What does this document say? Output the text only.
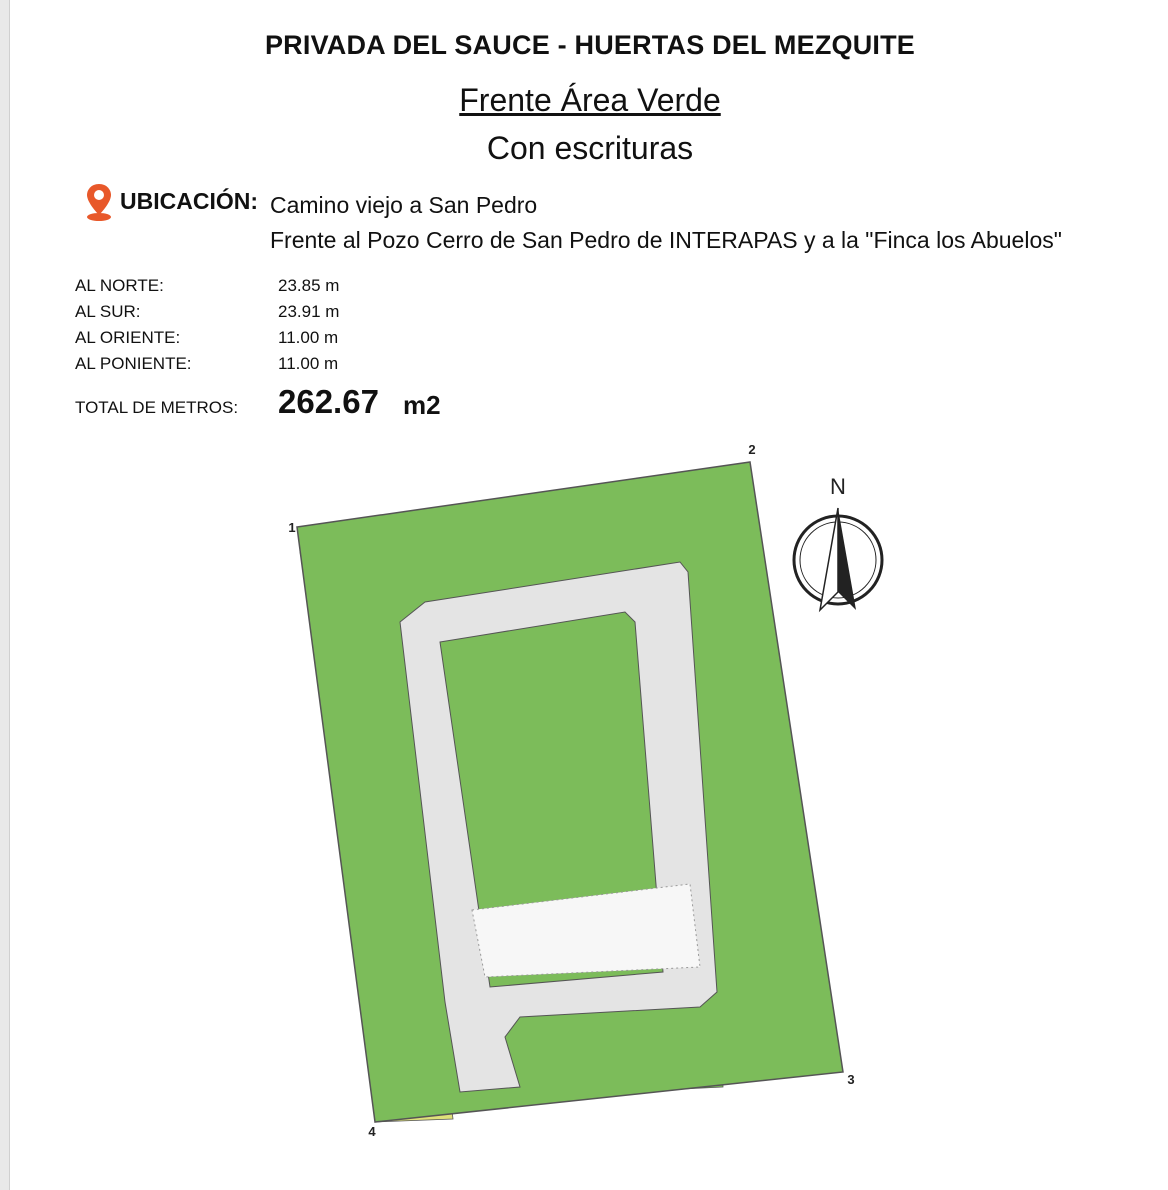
PRIVADA DEL SAUCE - HUERTAS DEL MEZQUITE
Frente Área Verde
Con escrituras
UBICACIÓN: Camino viejo a San Pedro
Frente al Pozo Cerro de San Pedro de INTERAPAS y a la "Finca los Abuelos"
AL NORTE:	23.85 m
AL SUR:	23.91 m
AL ORIENTE:	11.00 m
AL PONIENTE:	11.00 m
TOTAL DE METROS: 262.67 m2
1
2
3
4
N
